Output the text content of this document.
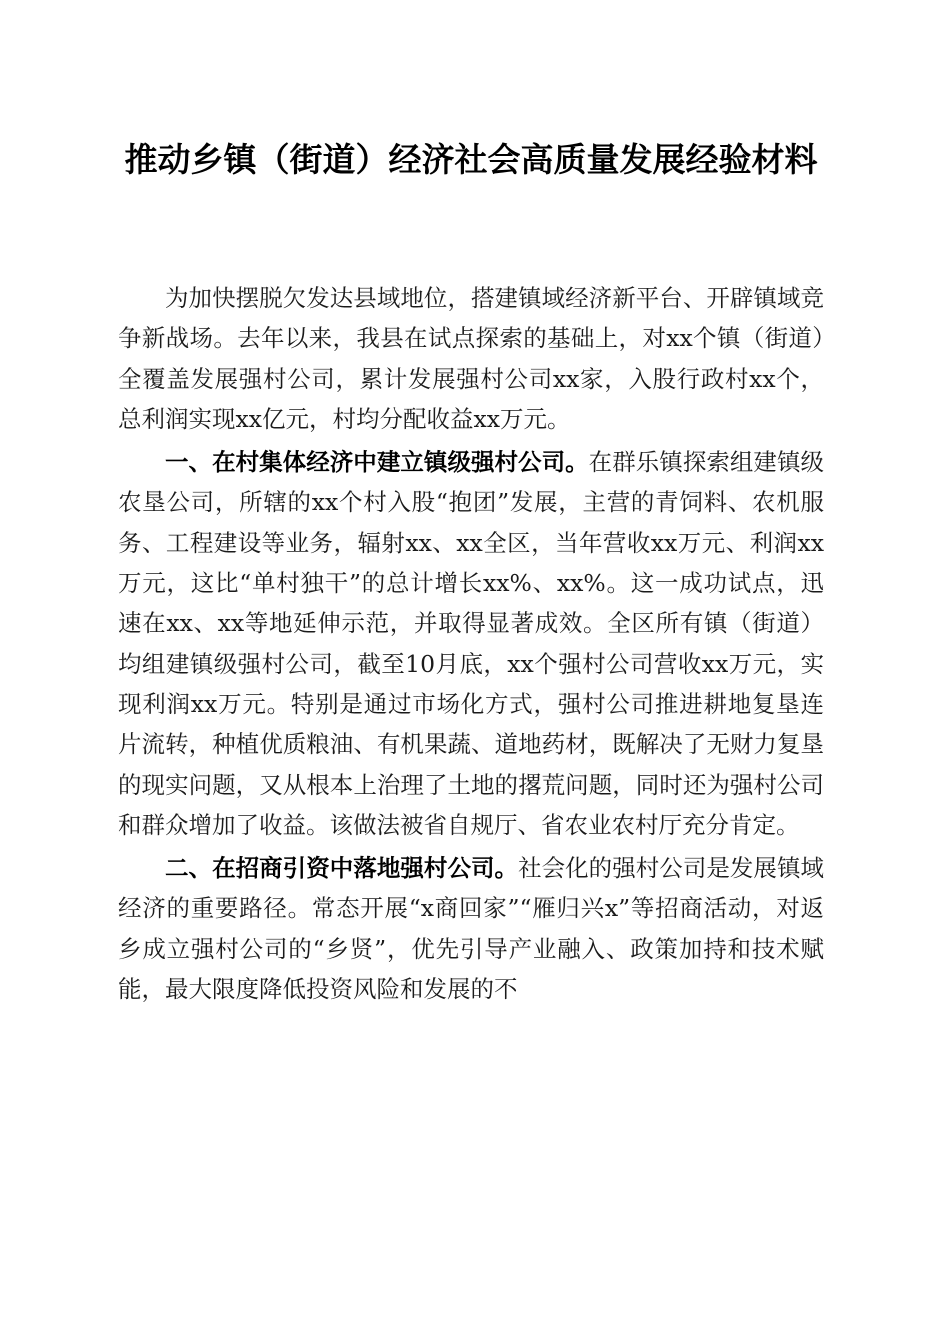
推动乡镇（街道）经济社会高质量发展经验材料

为加快摆脱欠发达县域地位，搭建镇域经济新平台、开辟镇域竞争新战场。去年以来，我县在试点探索的基础上，对xx个镇（街道）全覆盖发展强村公司，累计发展强村公司xx家，入股行政村xx个，总利润实现xx亿元，村均分配收益xx万元。

一、在村集体经济中建立镇级强村公司。在群乐镇探索组建镇级农垦公司，所辖的xx个村入股“抱团”发展，主营的青饲料、农机服务、工程建设等业务，辐射xx、xx全区，当年营收xx万元、利润xx万元，这比“单村独干”的总计增长xx%、xx%。这一成功试点，迅速在xx、xx等地延伸示范，并取得显著成效。全区所有镇（街道）均组建镇级强村公司，截至10月底，xx个强村公司营收xx万元，实现利润xx万元。特别是通过市场化方式，强村公司推进耕地复垦连片流转，种植优质粮油、有机果蔬、道地药材，既解决了无财力复垦的现实问题，又从根本上治理了土地的撂荒问题，同时还为强村公司和群众增加了收益。该做法被省自规厅、省农业农村厅充分肯定。

二、在招商引资中落地强村公司。社会化的强村公司是发展镇域经济的重要路径。常态开展“x商回家”“雁归兴x”等招商活动，对返乡成立强村公司的“乡贤”，优先引导产业融入、政策加持和技术赋能，最大限度降低投资风险和发展的不
